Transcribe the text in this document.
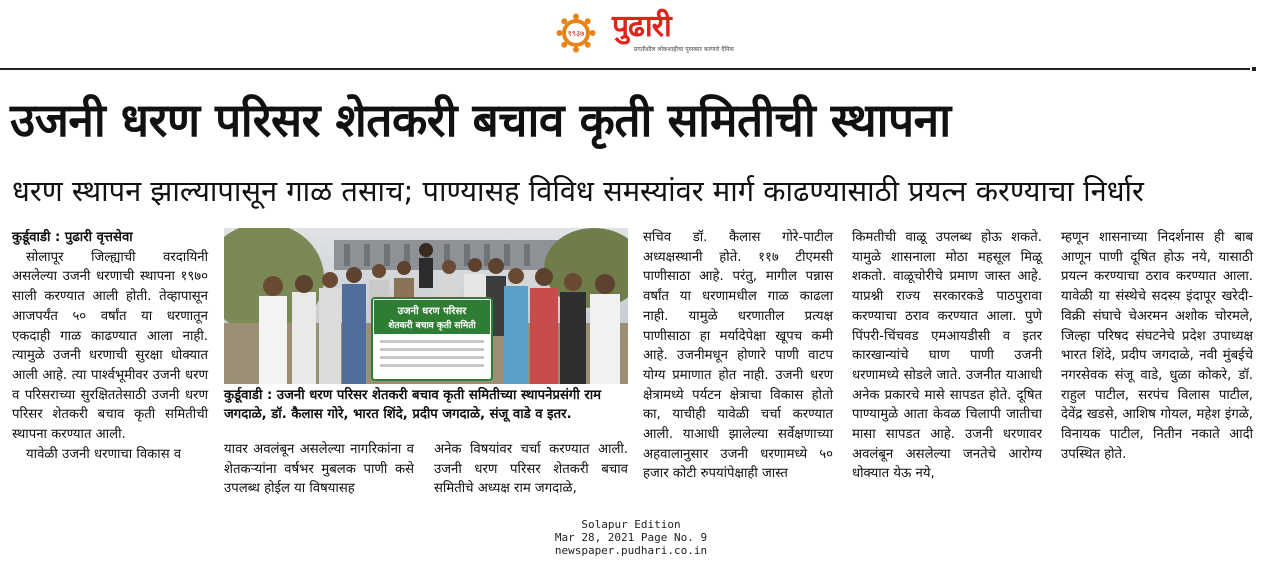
१९३७ पुढारी
प्रगतीशील लोकशाहीचा पुरस्कार करणारे दैनिक
उजनी धरण परिसर शेतकरी बचाव कृती समितीची स्थापना
धरण स्थापन झाल्यापासून गाळ तसाच; पाण्यासह विविध समस्यांवर मार्ग काढण्यासाठी प्रयत्न करण्याचा निर्धार

कुर्डूवाडी : पुढारी वृत्तसेवा

सोलापूर जिल्ह्याची वरदायिनी असलेल्या उजनी धरणाची स्थापना १९७० साली करण्यात आली होती. तेव्हापासून आजपर्यंत ५० वर्षांत या धरणातून एकदाही गाळ काढण्यात आला नाही. त्यामुळे उजनी धरणाची सुरक्षा धोक्यात आली आहे. त्या पार्श्वभूमीवर उजनी धरण व परिसराच्या सुरक्षिततेसाठी उजनी धरण परिसर शेतकरी बचाव कृती समितीची स्थापना करण्यात आली.

यावेळी उजनी धरणाचा विकास व

उजनी धरण परिसर
शेतकरी बचाव कृती समिती
कुर्डूवाडी : उजनी धरण परिसर शेतकरी बचाव कृती समितीच्या स्थापनेप्रसंगी राम जगदाळे, डॉ. कैलास गोरे, भारत शिंदे, प्रदीप जगदाळे, संजू वाडे व इतर.

यावर अवलंबून असलेल्या नागरिकांना व शेतकऱ्यांना वर्षभर मुबलक पाणी कसे उपलब्ध होईल या विषयासह

अनेक विषयांवर चर्चा करण्यात आली. उजनी धरण परिसर शेतकरी बचाव समितीचे अध्यक्ष राम जगदाळे,

सचिव डॉ. कैलास गोरे-पाटील अध्यक्षस्थानी होते. ११७ टीएमसी पाणीसाठा आहे. परंतु, मागील पन्नास वर्षांत या धरणामधील गाळ काढला नाही. यामुळे धरणातील प्रत्यक्ष पाणीसाठा हा मर्यादेपेक्षा खूपच कमी आहे. उजनीमधून होणारे पाणी वाटप योग्य प्रमाणात होत नाही. उजनी धरण क्षेत्रामध्ये पर्यटन क्षेत्राचा विकास होतो का, याचीही यावेळी चर्चा करण्यात आली. याआधी झालेल्या सर्वेक्षणाच्या अहवालानुसार उजनी धरणामध्ये ५० हजार कोटी रुपयांपेक्षाही जास्त

किमतीची वाळू उपलब्ध होऊ शकते. यामुळे शासनाला मोठा महसूल मिळू शकतो. वाळूचोरीचे प्रमाण जास्त आहे. याप्रश्नी राज्य सरकारकडे पाठपुरावा करण्याचा ठराव करण्यात आला. पुणे पिंपरी-चिंचवड एमआयडीसी व इतर कारखान्यांचे घाण पाणी उजनी धरणामध्ये सोडले जाते. उजनीत याआधी अनेक प्रकारचे मासे सापडत होते. दूषित पाण्यामुळे आता केवळ चिलापी जातीचा मासा सापडत आहे. उजनी धरणावर अवलंबून असलेल्या जनतेचे आरोग्य धोक्यात येऊ नये,

म्हणून शासनाच्या निदर्शनास ही बाब आणून पाणी दूषित होऊ नये, यासाठी प्रयत्न करण्याचा ठराव करण्यात आला. यावेळी या संस्थेचे सदस्य इंदापूर खरेदी-विक्री संघाचे चेअरमन अशोक चोरमले, जिल्हा परिषद संघटनेचे प्रदेश उपाध्यक्ष भारत शिंदे, प्रदीप जगदाळे, नवी मुंबईचे नगरसेवक संजू वाडे, धुळा कोकरे, डॉ. राहुल पाटील, सरपंच विलास पाटील, देवेंद्र खडसे, आशिष गोयल, महेश इंगळे, विनायक पाटील, नितीन नकाते आदी उपस्थित होते.

Solapur Edition
Mar 28, 2021 Page No. 9
newspaper.pudhari.co.in
